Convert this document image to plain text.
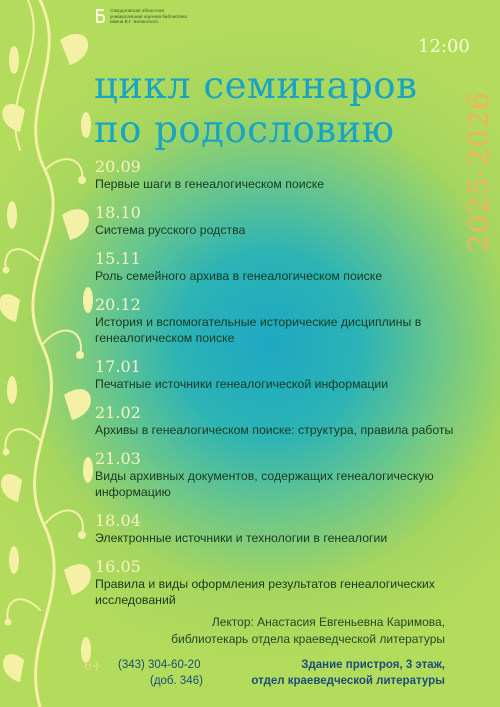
Свердловская областная
универсальная научная библиотека
имени В.Г. Белинского
12:00
цикл семинаров
по родословию	2025-2026
20.09
Первые шаги в генеалогическом поиске
18.10
Система русского родства
15.11
Роль семейного архива в генеалогическом поиске
20.12
История и вспомогательные исторические дисциплины в генеалогическом поиске
17.01
Печатные источники генеалогической информации
21.02
Архивы в генеалогическом поиске: структура, правила работы
21.03
Виды архивных документов, содержащих генеалогическую информацию
18.04
Электронные источники и технологии в генеалогии
16.05
Правила и виды оформления результатов генеалогических исследований
Лектор: Анастасия Евгеньевна Каримова,
библиотекарь отдела краеведческой литературы
6+ (343) 304-60-20
(доб. 346)
Здание пристроя, 3 этаж,
отдел краеведческой литературы
